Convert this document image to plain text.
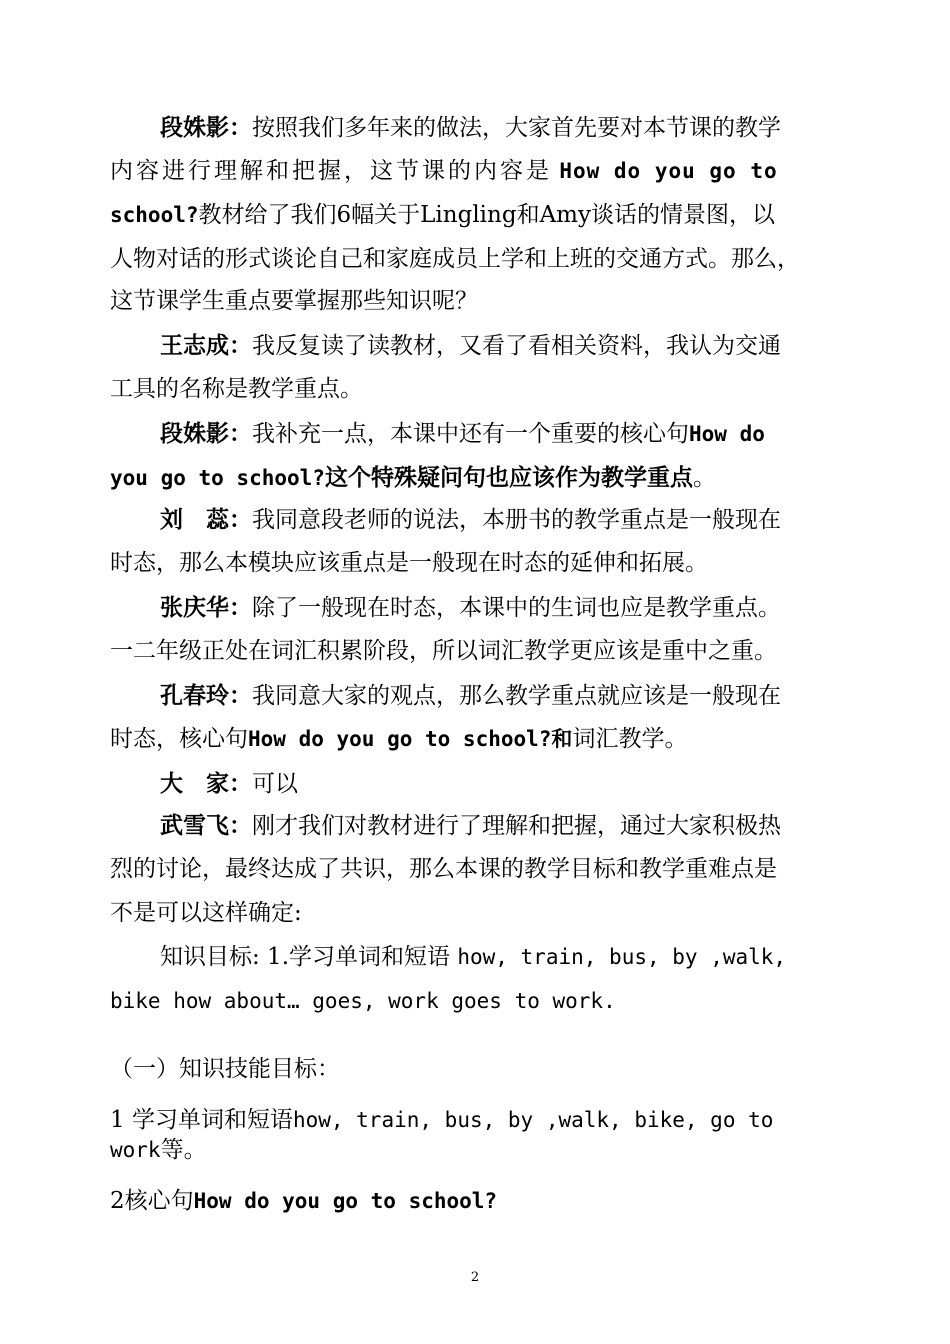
段姝影：按照我们多年来的做法，大家首先要对本节课的教学
内容进行理解和把握，这节课的内容是 How do you go to
school?教材给了我们6幅关于Lingling和Amy谈话的情景图，以
人物对话的形式谈论自己和家庭成员上学和上班的交通方式。那么，
这节课学生重点要掌握那些知识呢？
王志成：我反复读了读教材，又看了看相关资料，我认为交通
工具的名称是教学重点。
段姝影：我补充一点，本课中还有一个重要的核心句How do
you go to school?这个特殊疑问句也应该作为教学重点。
刘　蕊：我同意段老师的说法，本册书的教学重点是一般现在
时态，那么本模块应该重点是一般现在时态的延伸和拓展。
张庆华：除了一般现在时态，本课中的生词也应是教学重点。
一二年级正处在词汇积累阶段，所以词汇教学更应该是重中之重。
孔春玲：我同意大家的观点，那么教学重点就应该是一般现在
时态，核心句How do you go to school?和词汇教学。
大　家：可以
武雪飞：刚才我们对教材进行了理解和把握，通过大家积极热
烈的讨论，最终达成了共识，那么本课的教学目标和教学重难点是
不是可以这样确定:
知识目标: 1.学习单词和短语 how, train, bus, by ,walk,
bike how about… goes, work goes to work.
（一）知识技能目标：
1 学习单词和短语how, train, bus, by ,walk, bike, go to
work等。
2核心句How do you go to school?
2
